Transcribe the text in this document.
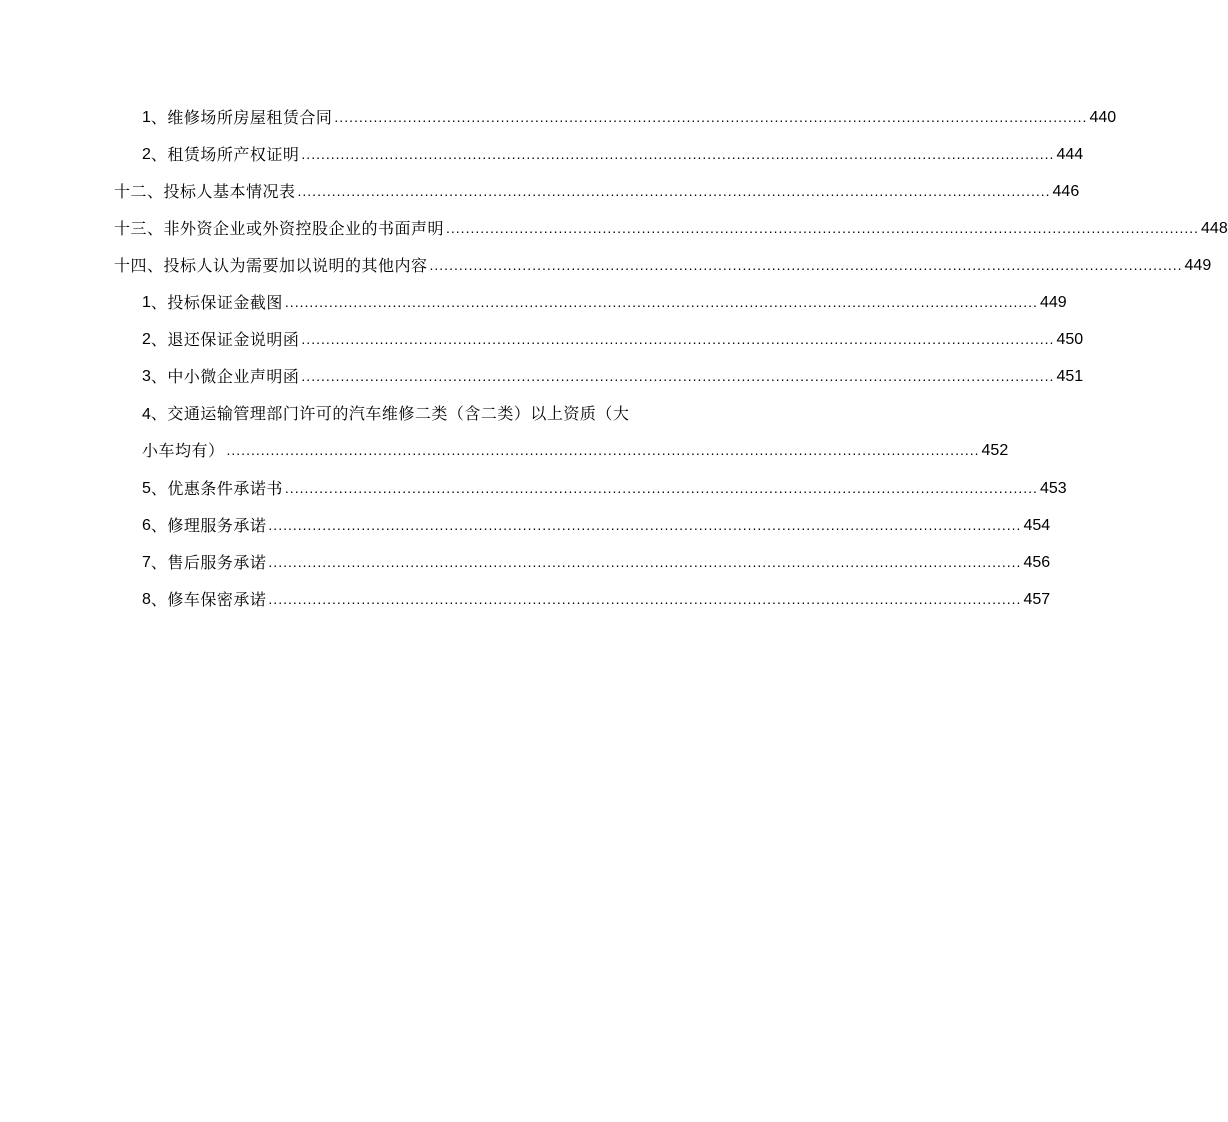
1 、维修场所房屋租赁合同 .......................................................................................................................................................... 440
2 、租赁场所产权证明 .......................................................................................................................................................... 444
十二、投标人基本情况表 .......................................................................................................................................................... 446
十三、非外资企业或外资控股企业的书面声明 .......................................................................................................................................................... 448
十四、投标人认为需要加以说明的其他内容 .......................................................................................................................................................... 449
1 、投标保证金截图 .......................................................................................................................................................... 449
2 、退还保证金说明函 .......................................................................................................................................................... 450
3 、中小微企业声明函 .......................................................................................................................................................... 451
4、交通运输管理部门许可的汽车维修二类（含二类）以上资质（大
小车均有） .......................................................................................................................................................... 452
5 、优惠条件承诺书 .......................................................................................................................................................... 453
6 、修理服务承诺 .......................................................................................................................................................... 454
7 、售后服务承诺 .......................................................................................................................................................... 456
8 、修车保密承诺 .......................................................................................................................................................... 457
